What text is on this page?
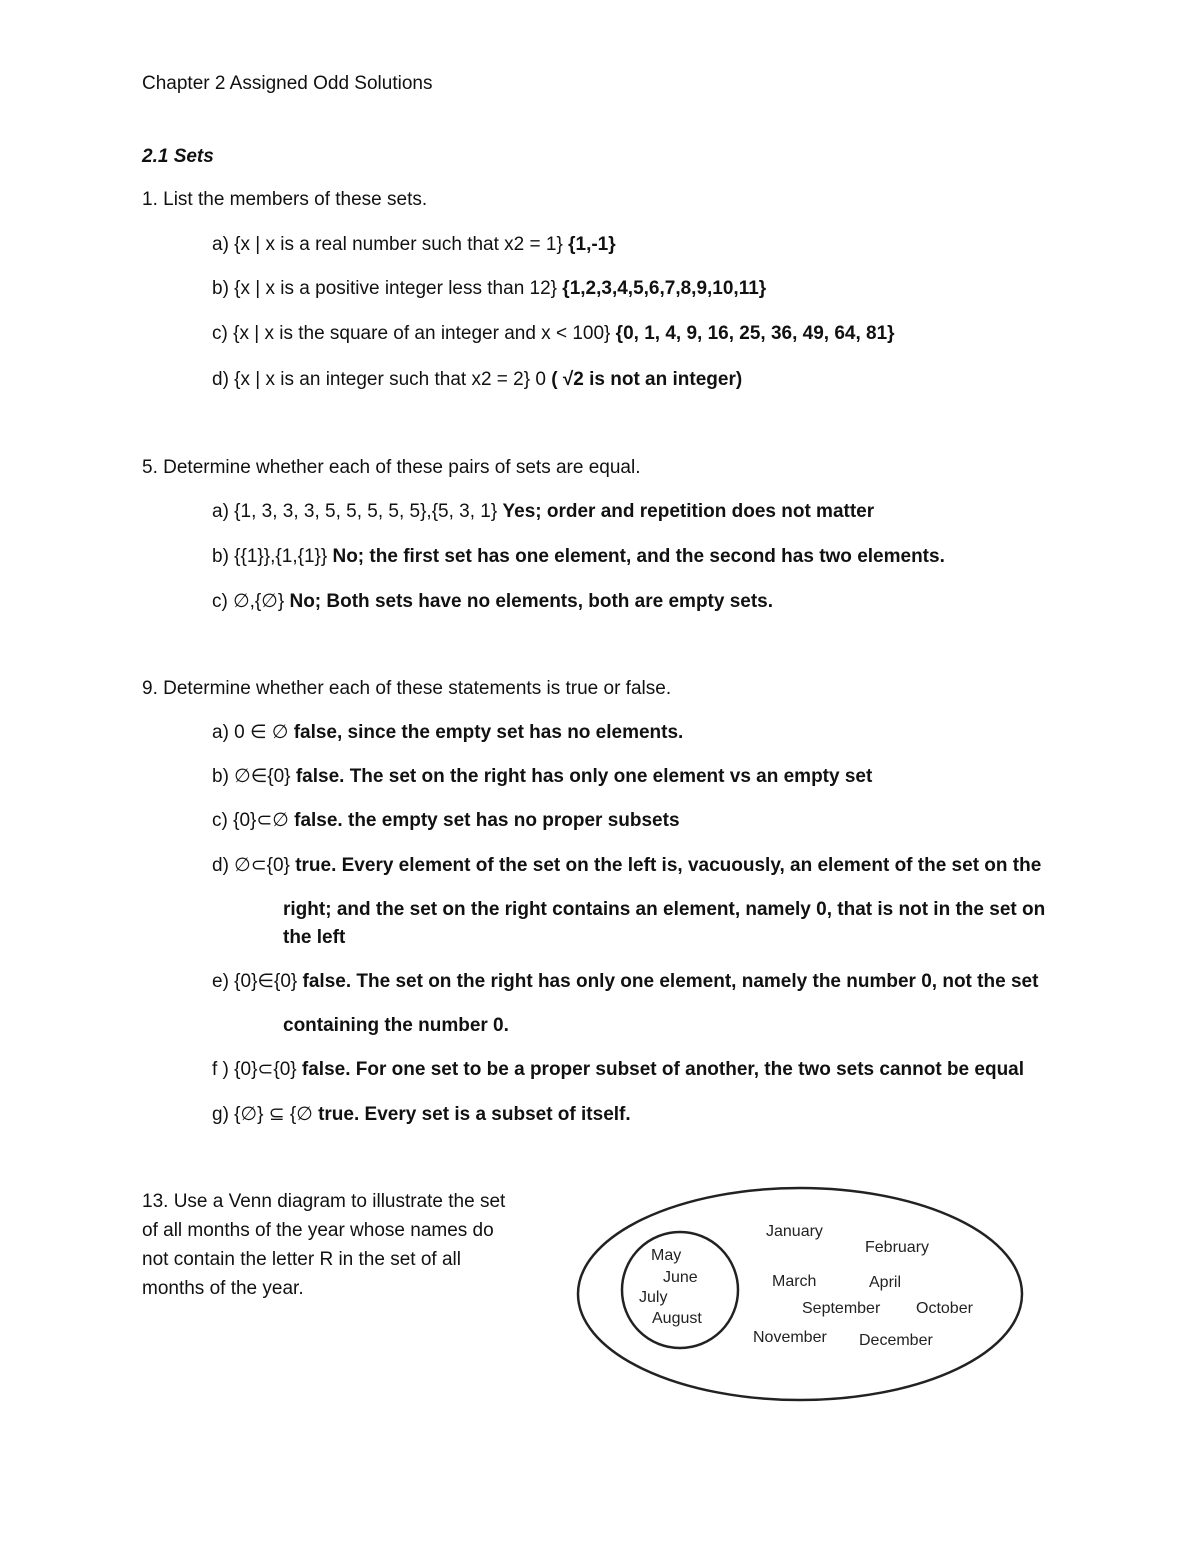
Chapter 2 Assigned Odd Solutions
2.1 Sets
1. List the members of these sets.
a) {x | x is a real number such that x2 = 1} {1,-1}
b) {x | x is a positive integer less than 12} {1,2,3,4,5,6,7,8,9,10,11}
c) {x | x is the square of an integer and x < 100} {0, 1, 4, 9, 16, 25, 36, 49, 64, 81}
d) {x | x is an integer such that x2 = 2} 0 ( √2 is not an integer)
5. Determine whether each of these pairs of sets are equal.
a) {1, 3, 3, 3, 5, 5, 5, 5, 5},{5, 3, 1} Yes; order and repetition does not matter
b) {{1}},{1,{1}} No; the first set has one element, and the second has two elements.
c) ∅,{∅} No; Both sets have no elements, both are empty sets.
9. Determine whether each of these statements is true or false.
a) 0 ∈ ∅ false, since the empty set has no elements.
b) ∅∈{0} false. The set on the right has only one element vs an empty set
c) {0}⊂∅ false. the empty set has no proper subsets
d) ∅⊂{0} true. Every element of the set on the left is, vacuously, an element of the set on the
right; and the set on the right contains an element, namely 0, that is not in the set on
the left
e) {0}∈{0} false. The set on the right has only one element, namely the number 0, not the set
containing the number 0.
f ) {0}⊂{0} false. For one set to be a proper subset of another, the two sets cannot be equal
g) {∅} ⊆ {∅ true. Every set is a subset of itself.
13. Use a Venn diagram to illustrate the set
of all months of the year whose names do
not contain the letter R in the set of all
months of the year.
May
June
July
August
January
February
March	April
September October
November December
